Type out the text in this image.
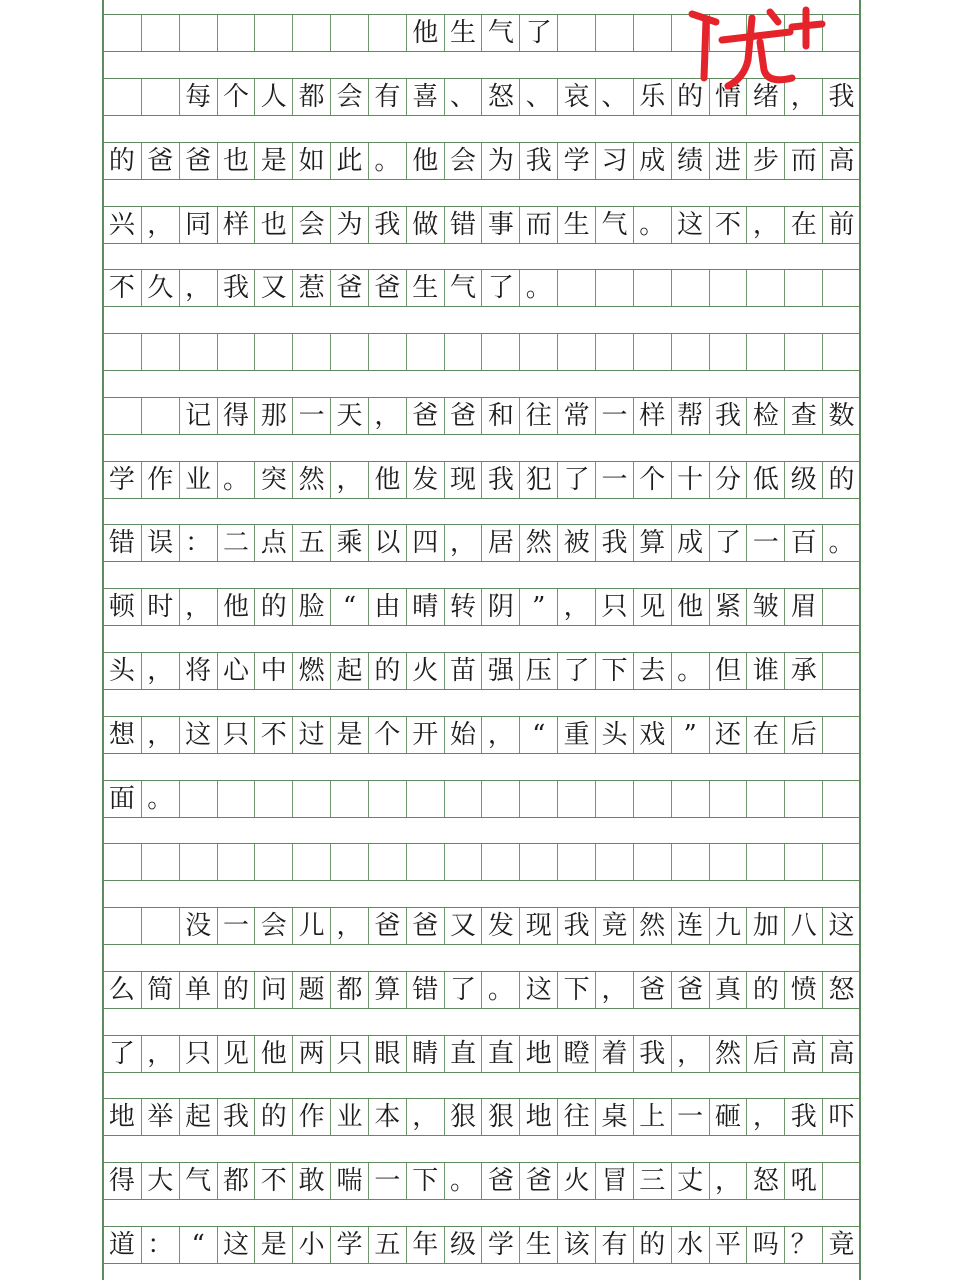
他 生 气 了
每 个 人 都 会 有 喜 、 怒 、 哀 、 乐 的 情 绪 ， 我
的 爸 爸 也 是 如 此 。 他 会 为 我 学 习 成 绩 进 步 而 高
兴 ， 同 样 也 会 为 我 做 错 事 而 生 气 。 这 不 ， 在 前
不 久 ， 我 又 惹 爸 爸 生 气 了 。
记 得 那 一 天 ， 爸 爸 和 往 常 一 样 帮 我 检 查 数
学 作 业 。 突 然 ， 他 发 现 我 犯 了 一 个 十 分 低 级 的
错 误 ： 二 点 五 乘 以 四 ， 居 然 被 我 算 成 了 一 百 。
顿 时 ， 他 的 脸 “ 由 晴 转 阴 ” ， 只 见 他 紧 皱 眉
头 ， 将 心 中 燃 起 的 火 苗 强 压 了 下 去 。 但 谁 承
想 ， 这 只 不 过 是 个 开 始 ， “ 重 头 戏 ” 还 在 后
面 。
没 一 会 儿 ， 爸 爸 又 发 现 我 竟 然 连 九 加 八 这
么 简 单 的 问 题 都 算 错 了 。 这 下 ， 爸 爸 真 的 愤 怒
了 ， 只 见 他 两 只 眼 睛 直 直 地 瞪 着 我 ， 然 后 高 高
地 举 起 我 的 作 业 本 ， 狠 狠 地 往 桌 上 一 砸 ， 我 吓
得 大 气 都 不 敢 喘 一 下 。 爸 爸 火 冒 三 丈 ， 怒 吼
道 ： “ 这 是 小 学 五 年 级 学 生 该 有 的 水 平 吗 ？ 竟
